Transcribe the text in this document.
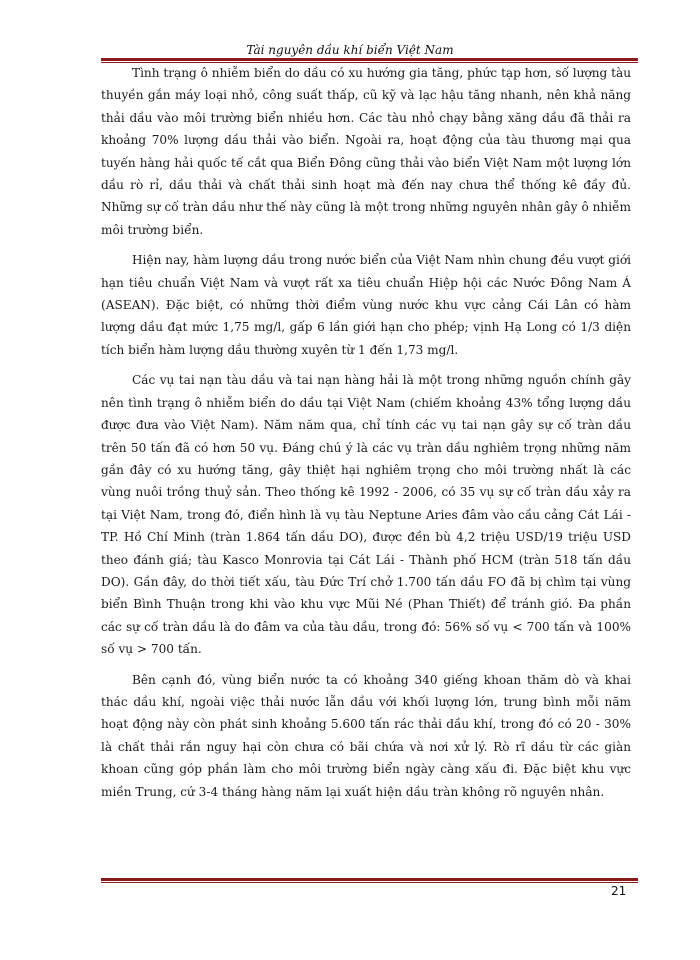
Tài nguyên dầu khí biển Việt Nam

Tình trạng ô nhiễm biển do dầu có xu hướng gia tăng, phức tạp hơn, số lượng tàu thuyền gắn máy loại nhỏ, công suất thấp, cũ kỹ và lạc hậu tăng nhanh, nên khả năng thải dầu vào môi trường biển nhiều hơn. Các tàu nhỏ chạy bằng xăng dầu đã thải ra khoảng 70% lượng dầu thải vào biển. Ngoài ra, hoạt động của tàu thương mại qua tuyến hàng hải quốc tế cắt qua Biển Đông cũng thải vào biển Việt Nam một lượng lớn dầu rò rỉ, dầu thải và chất thải sinh hoạt mà đến nay chưa thể thống kê đầy đủ. Những sự cố tràn dầu như thế này cũng là một trong những nguyên nhân gây ô nhiễm môi trường biển.

Hiện nay, hàm lượng dầu trong nước biển của Việt Nam nhìn chung đều vượt giới hạn tiêu chuẩn Việt Nam và vượt rất xa tiêu chuẩn Hiệp hội các Nước Đông Nam Á (ASEAN). Đặc biệt, có những thời điểm vùng nước khu vực cảng Cái Lân có hàm lượng dầu đạt mức 1,75 mg/l, gấp 6 lần giới hạn cho phép; vịnh Hạ Long có 1/3 diện tích biển hàm lượng dầu thường xuyên từ 1 đến 1,73 mg/l.

Các vụ tai nạn tàu dầu và tai nạn hàng hải là một trong những nguồn chính gây nên tình trạng ô nhiễm biển do dầu tại Việt Nam (chiếm khoảng 43% tổng lượng dầu được đưa vào Việt Nam). Năm năm qua, chỉ tính các vụ tai nạn gây sự cố tràn dầu trên 50 tấn đã có hơn 50 vụ. Đáng chú ý là các vụ tràn dầu nghiêm trọng những năm gần đây có xu hướng tăng, gây thiệt hại nghiêm trọng cho môi trường nhất là các vùng nuôi trồng thuỷ sản. Theo thống kê 1992 - 2006, có 35 vụ sự cố tràn dầu xảy ra tại Việt Nam, trong đó, điển hình là vụ tàu Neptune Aries đâm vào cầu cảng Cát Lái - TP. Hồ Chí Minh (tràn 1.864 tấn dầu DO), được đền bù 4,2 triệu USD/19 triệu USD theo đánh giá; tàu Kasco Monrovia tại Cát Lái - Thành phố HCM (tràn 518 tấn dầu DO). Gần đây, do thời tiết xấu, tàu Đức Trí chở 1.700 tấn dầu FO đã bị chìm tại vùng biển Bình Thuận trong khi vào khu vực Mũi Né (Phan Thiết) để tránh gió. Đa phần các sự cố tràn dầu là do đâm va của tàu dầu, trong đó: 56% số vụ < 700 tấn và 100% số vụ > 700 tấn.

Bên cạnh đó, vùng biển nước ta có khoảng 340 giếng khoan thăm dò và khai thác dầu khí, ngoài việc thải nước lẫn dầu với khối lượng lớn, trung bình mỗi năm hoạt động này còn phát sinh khoảng 5.600 tấn rác thải dầu khí, trong đó có 20 - 30% là chất thải rắn nguy hại còn chưa có bãi chứa và nơi xử lý. Rò rĩ dầu từ các giàn khoan cũng góp phần làm cho môi trường biển ngày càng xấu đi. Đặc biệt khu vực miền Trung, cứ 3-4 tháng hàng năm lại xuất hiện dầu tràn không rõ nguyên nhân.

21
